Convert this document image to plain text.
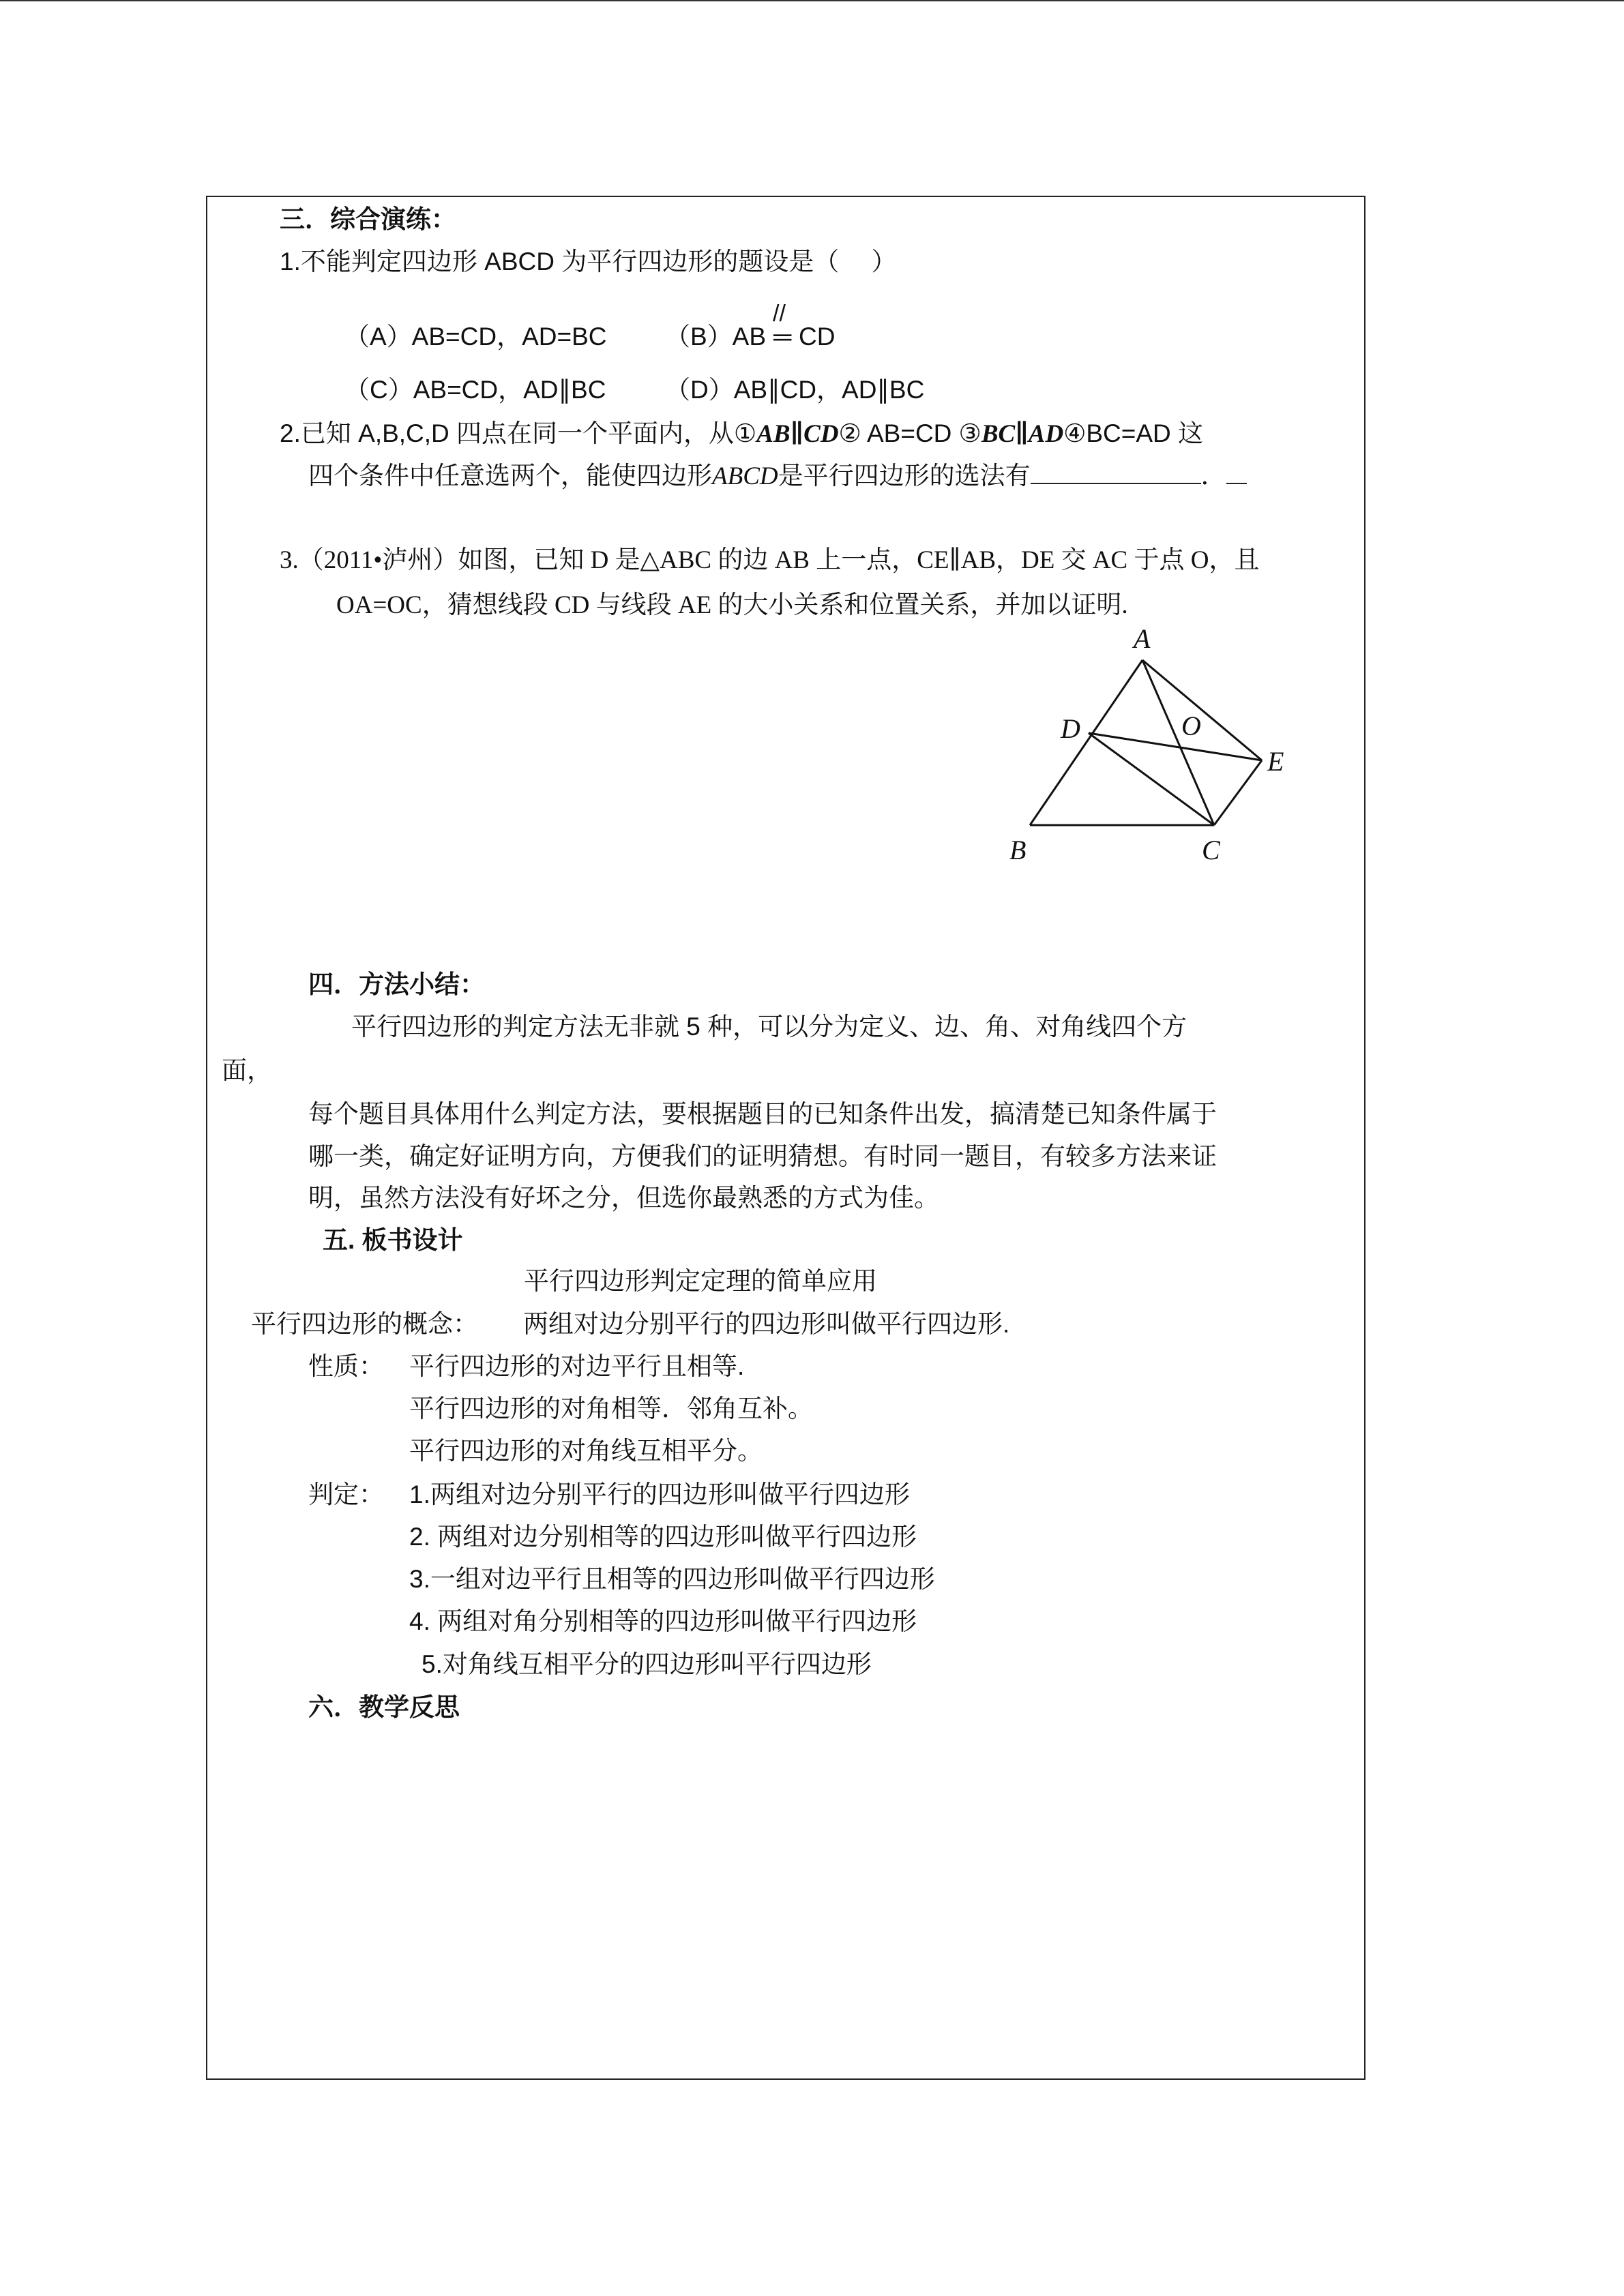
三．综合演练：
1.不能判定四边形 ABCD 为平行四边形的题设是（　 ）
（A）AB=CD，AD=BC （B）AB
//
═ CD
（C）AB=CD，AD∥BC （D）AB∥CD，AD∥BC
2.已知 A,B,C,D 四点在同一个平面内，从①AB∥CD② AB=CD ③BC∥AD④BC=AD 这
四个条件中任意选两个，能使四边形ABCD是平行四边形的选法有	．
3.（2011•泸州）如图，已知 D 是△ABC 的边 AB 上一点，CE∥AB，DE 交 AC 于点 O，且
OA=OC，猜想线段 CD 与线段 AE 的大小关系和位置关系，并加以证明.
A
B	C
D
E
O
四．方法小结：
平行四边形的判定方法无非就 5 种，可以分为定义、边、角、对角线四个方
面，
每个题目具体用什么判定方法，要根据题目的已知条件出发，搞清楚已知条件属于
哪一类，确定好证明方向，方便我们的证明猜想。有时同一题目，有较多方法来证
明，虽然方法没有好坏之分，但选你最熟悉的方式为佳。
五. 板书设计
平行四边形判定定理的简单应用
平行四边形的概念： 两组对边分别平行的四边形叫做平行四边形.
性质： 平行四边形的对边平行且相等.
平行四边形的对角相等．邻角互补。
平行四边形的对角线互相平分。
判定： 1.两组对边分别平行的四边形叫做平行四边形
2. 两组对边分别相等的四边形叫做平行四边形
3.一组对边平行且相等的四边形叫做平行四边形
4. 两组对角分别相等的四边形叫做平行四边形
5.对角线互相平分的四边形叫平行四边形
六．教学反思
